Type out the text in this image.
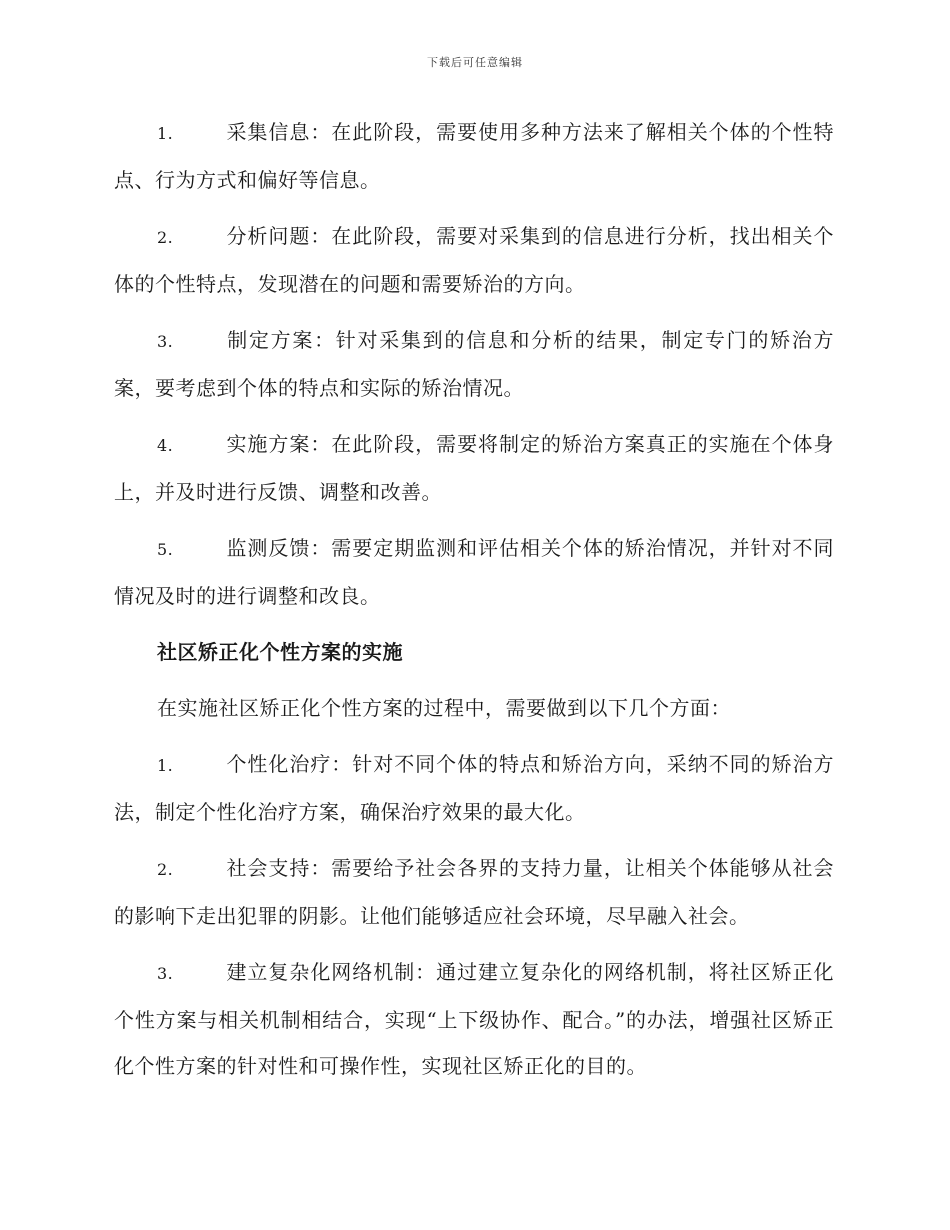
下载后可任意编辑

1.	采集信息：在此阶段，需要使用多种方法来了解相关个体的个性特点、行为方式和偏好等信息。

2.	分析问题：在此阶段，需要对采集到的信息进行分析，找出相关个体的个性特点，发现潜在的问题和需要矫治的方向。

3.	制定方案：针对采集到的信息和分析的结果，制定专门的矫治方案，要考虑到个体的特点和实际的矫治情况。

4.	实施方案：在此阶段，需要将制定的矫治方案真正的实施在个体身上，并及时进行反馈、调整和改善。

5.	监测反馈：需要定期监测和评估相关个体的矫治情况，并针对不同情况及时的进行调整和改良。

社区矫正化个性方案的实施

在实施社区矫正化个性方案的过程中，需要做到以下几个方面：

1.	个性化治疗：针对不同个体的特点和矫治方向，采纳不同的矫治方法，制定个性化治疗方案，确保治疗效果的最大化。

2.	社会支持：需要给予社会各界的支持力量，让相关个体能够从社会的影响下走出犯罪的阴影。让他们能够适应社会环境，尽早融入社会。

3.	建立复杂化网络机制：通过建立复杂化的网络机制，将社区矫正化个性方案与相关机制相结合，实现“上下级协作、配合。”的办法，增强社区矫正化个性方案的针对性和可操作性，实现社区矫正化的目的。
